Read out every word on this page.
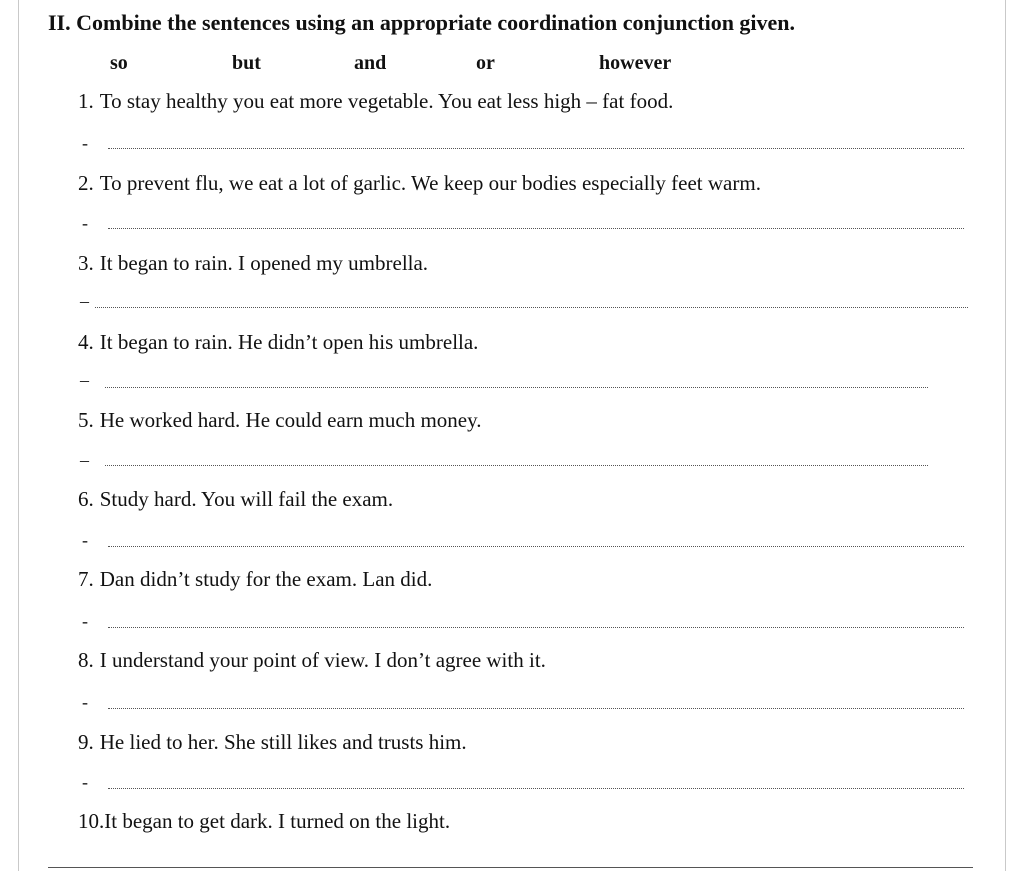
II. Combine the sentences using an appropriate coordination conjunction given.
so	but	and	or	however
1. To stay healthy you eat more vegetable. You eat less high – fat food.
-
2. To prevent flu, we eat a lot of garlic. We keep our bodies especially feet warm.
-
3. It began to rain. I opened my umbrella.
–
4. It began to rain. He didn’t open his umbrella.
–
5. He worked hard. He could earn much money.
–
6. Study hard. You will fail the exam.
-
7. Dan didn’t study for the exam. Lan did.
-
8. I understand your point of view. I don’t agree with it.
-
9. He lied to her. She still likes and trusts him.
-
10.It began to get dark. I turned on the light.
